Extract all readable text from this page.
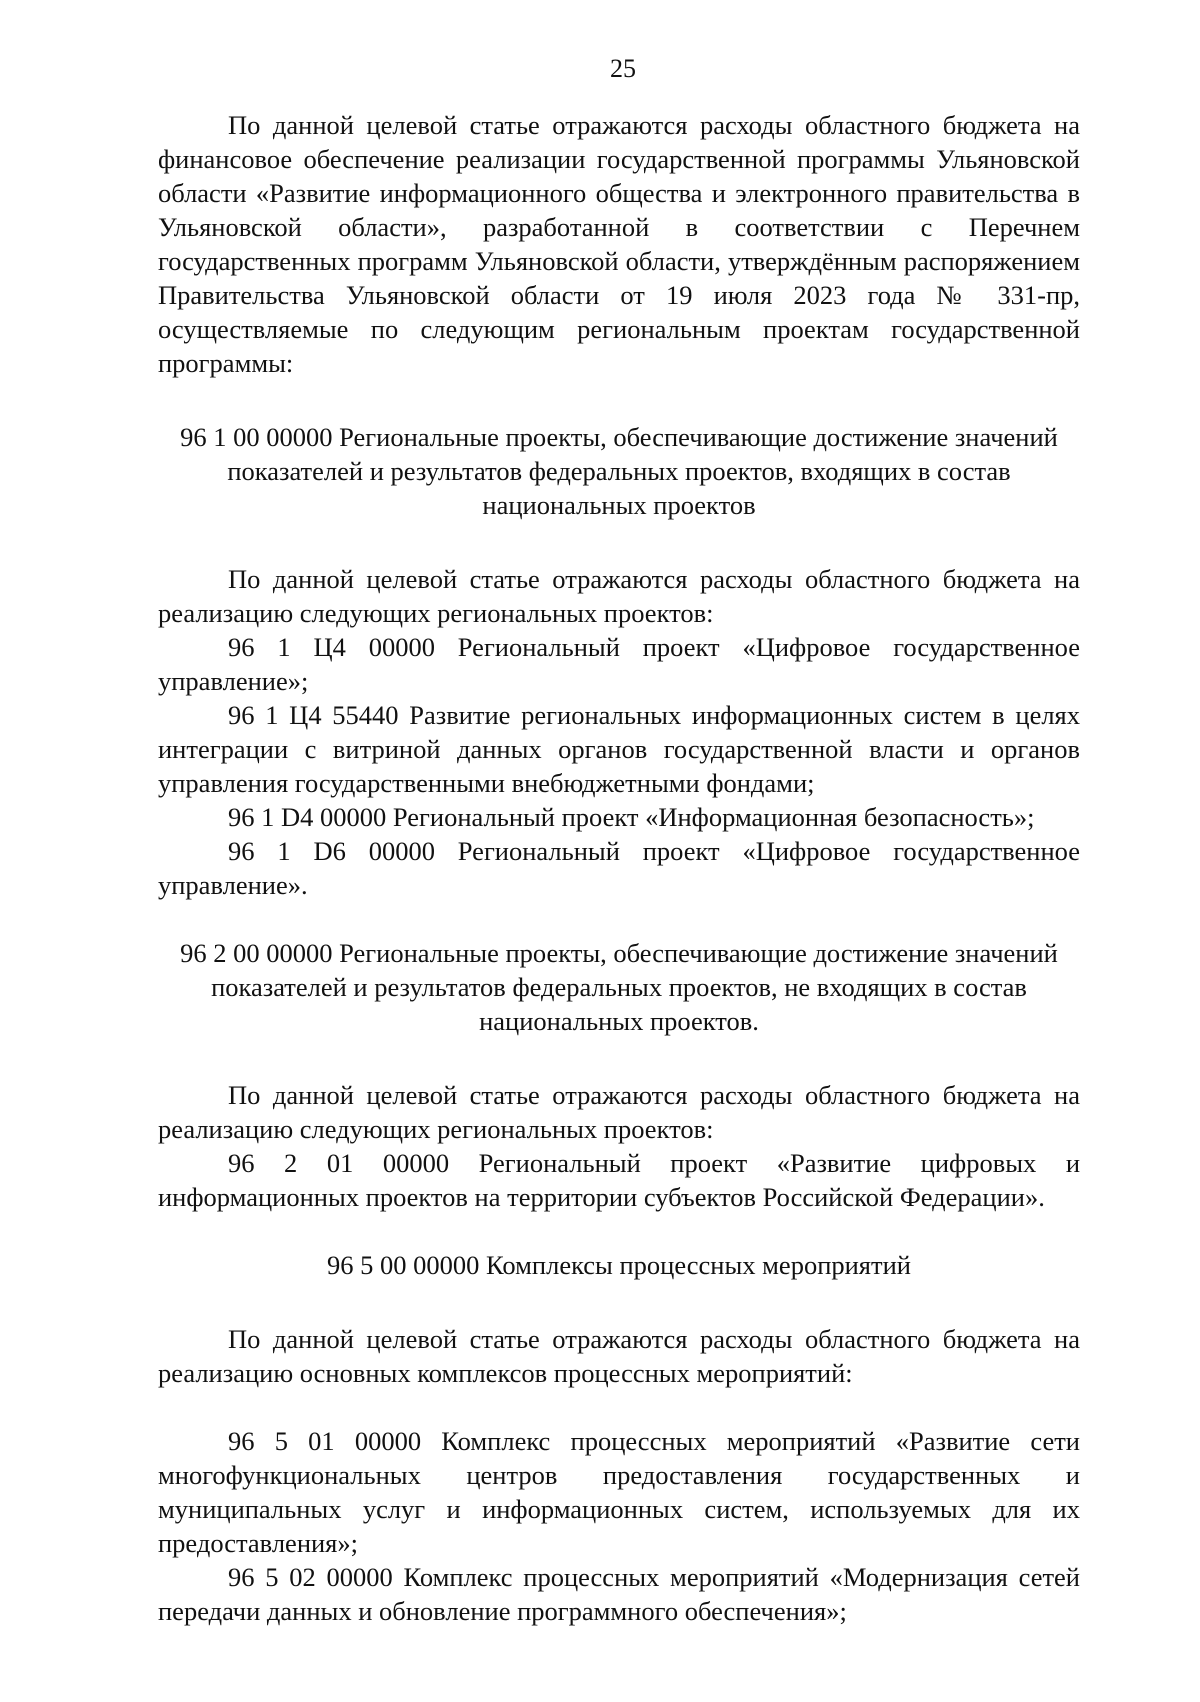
25

По данной целевой статье отражаются расходы областного бюджета на финансовое обеспечение реализации государственной программы Ульяновской области «Развитие информационного общества и электронного правительства в Ульяновской области», разработанной в соответствии с Перечнем государственных программ Ульяновской области, утверждённым распоряжением Правительства Ульяновской области от 19 июля 2023 года № 331-пр, осуществляемые по следующим региональным проектам государственной программы:

96 1 00 00000 Региональные проекты, обеспечивающие достижение значений показателей и результатов федеральных проектов, входящих в состав национальных проектов

По данной целевой статье отражаются расходы областного бюджета на реализацию следующих региональных проектов:

96 1 Ц4 00000 Региональный проект «Цифровое государственное управление»;

96 1 Ц4 55440 Развитие региональных информационных систем в целях интеграции с витриной данных органов государственной власти и органов управления государственными внебюджетными фондами;

96 1 D4 00000 Региональный проект «Информационная безопасность»;

96 1 D6 00000 Региональный проект «Цифровое государственное управление».

96 2 00 00000 Региональные проекты, обеспечивающие достижение значений показателей и результатов федеральных проектов, не входящих в состав национальных проектов.

По данной целевой статье отражаются расходы областного бюджета на реализацию следующих региональных проектов:

96 2 01 00000 Региональный проект «Развитие цифровых и информационных проектов на территории субъектов Российской Федерации».

96 5 00 00000 Комплексы процессных мероприятий

По данной целевой статье отражаются расходы областного бюджета на реализацию основных комплексов процессных мероприятий:

96 5 01 00000 Комплекс процессных мероприятий «Развитие сети многофункциональных центров предоставления государственных и муниципальных услуг и информационных систем, используемых для их предоставления»;

96 5 02 00000 Комплекс процессных мероприятий «Модернизация сетей передачи данных и обновление программного обеспечения»;
